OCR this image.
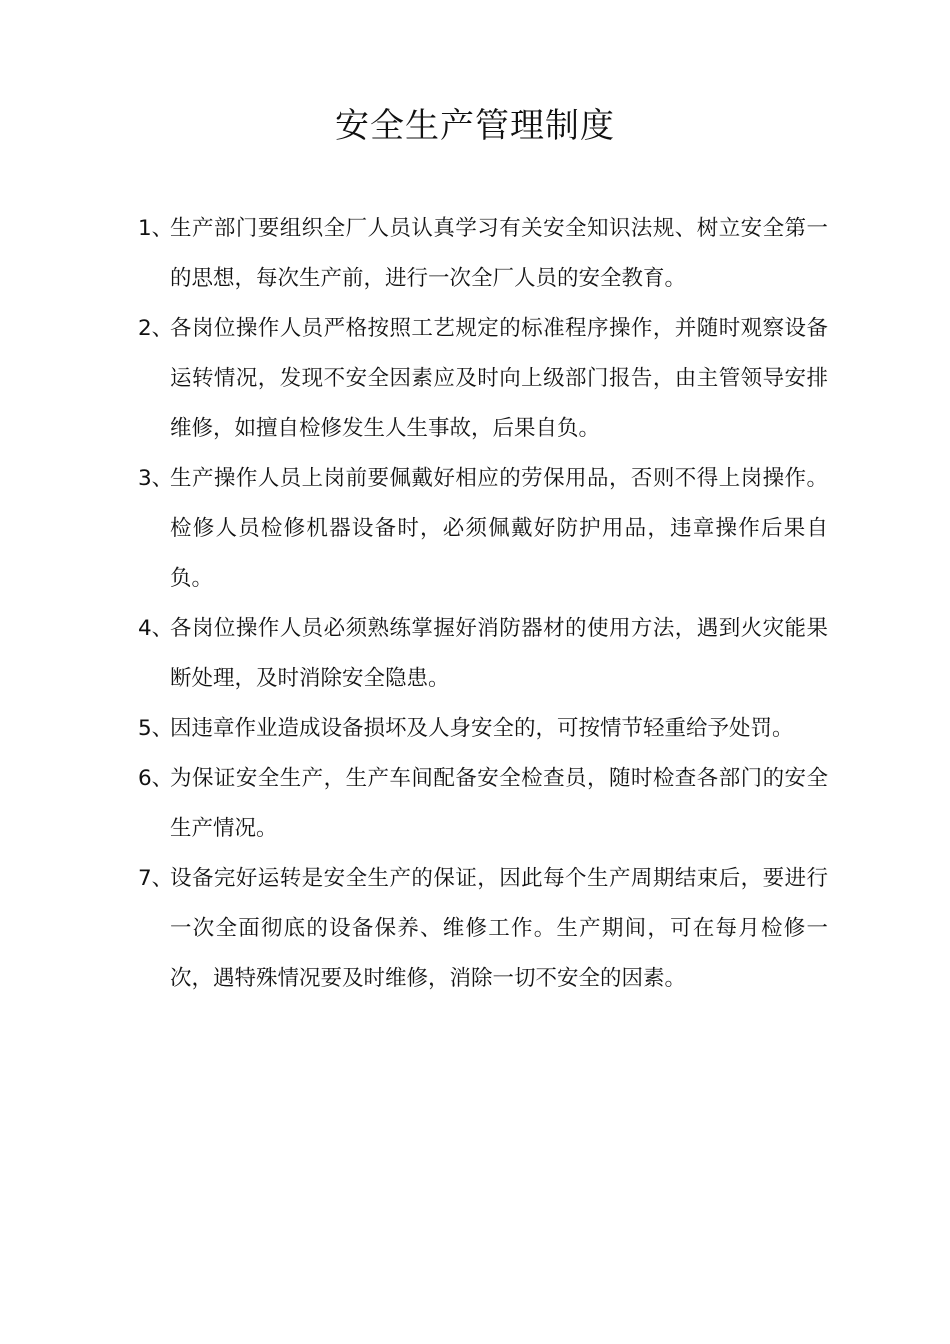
安全生产管理制度
1、
生产部门要组织全厂人员认真学习有关安全知识法规、树立安全第一的思想，每次生产前，进行一次全厂人员的安全教育。
2、
各岗位操作人员严格按照工艺规定的标准程序操作，并随时观察设备运转情况，发现不安全因素应及时向上级部门报告，由主管领导安排维修，如擅自检修发生人生事故，后果自负。
3、
生产操作人员上岗前要佩戴好相应的劳保用品，否则不得上岗操作。检修人员检修机器设备时，必须佩戴好防护用品，违章操作后果自负。
4、
各岗位操作人员必须熟练掌握好消防器材的使用方法，遇到火灾能果断处理，及时消除安全隐患。
5、
因违章作业造成设备损坏及人身安全的，可按情节轻重给予处罚。
6、
为保证安全生产，生产车间配备安全检查员，随时检查各部门的安全生产情况。
7、
设备完好运转是安全生产的保证，因此每个生产周期结束后，要进行一次全面彻底的设备保养、维修工作。生产期间，可在每月检修一次，遇特殊情况要及时维修，消除一切不安全的因素。
